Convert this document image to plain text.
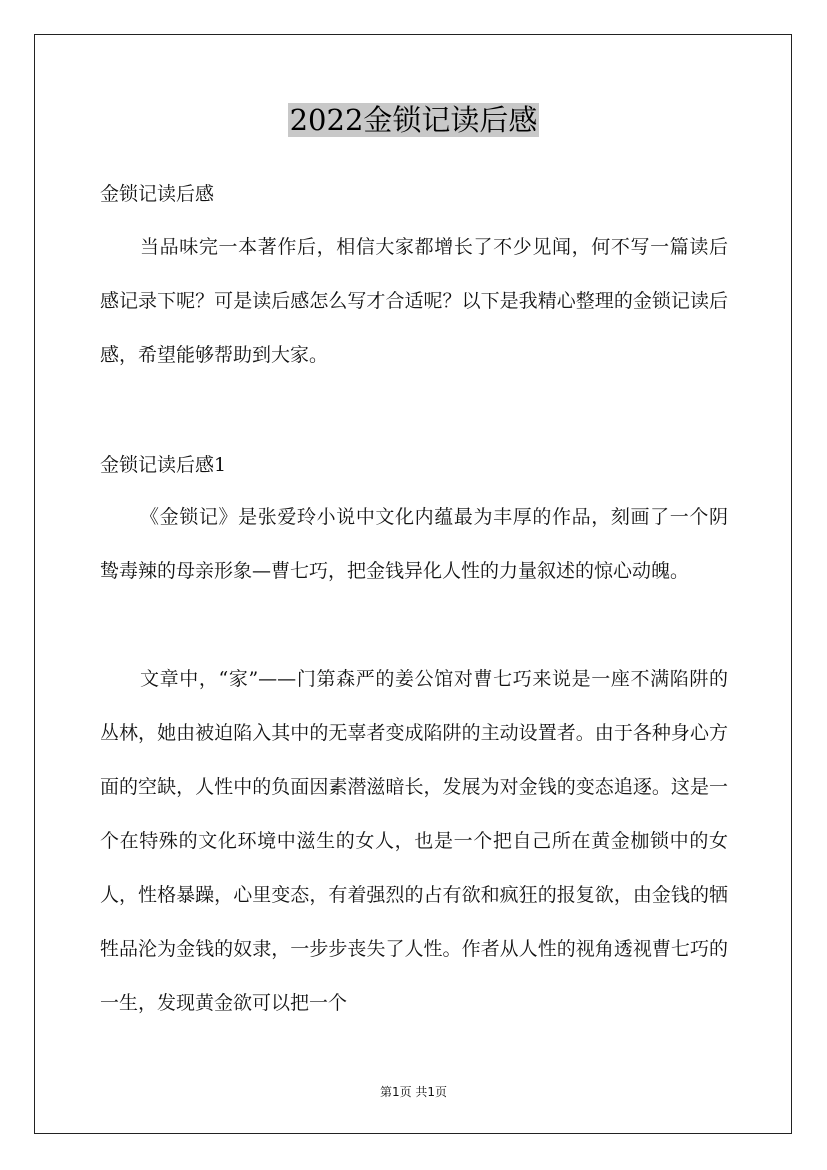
2022金锁记读后感
金锁记读后感
当品味完一本著作后，相信大家都增长了不少见闻，何不写一篇读后感记录下呢？可是读后感怎么写才合适呢？以下是我精心整理的金锁记读后感，希望能够帮助到大家。
金锁记读后感1
《金锁记》是张爱玲小说中文化内蕴最为丰厚的作品，刻画了一个阴鸷毒辣的母亲形象—曹七巧，把金钱异化人性的力量叙述的惊心动魄。
文章中，“家”——门第森严的姜公馆对曹七巧来说是一座不满陷阱的丛林，她由被迫陷入其中的无辜者变成陷阱的主动设置者。由于各种身心方面的空缺，人性中的负面因素潜滋暗长，发展为对金钱的变态追逐。这是一个在特殊的文化环境中滋生的女人，也是一个把自己所在黄金枷锁中的女人，性格暴躁，心里变态，有着强烈的占有欲和疯狂的报复欲，由金钱的牺牲品沦为金钱的奴隶，一步步丧失了人性。作者从人性的视角透视曹七巧的一生，发现黄金欲可以把一个
第1页 共1页
